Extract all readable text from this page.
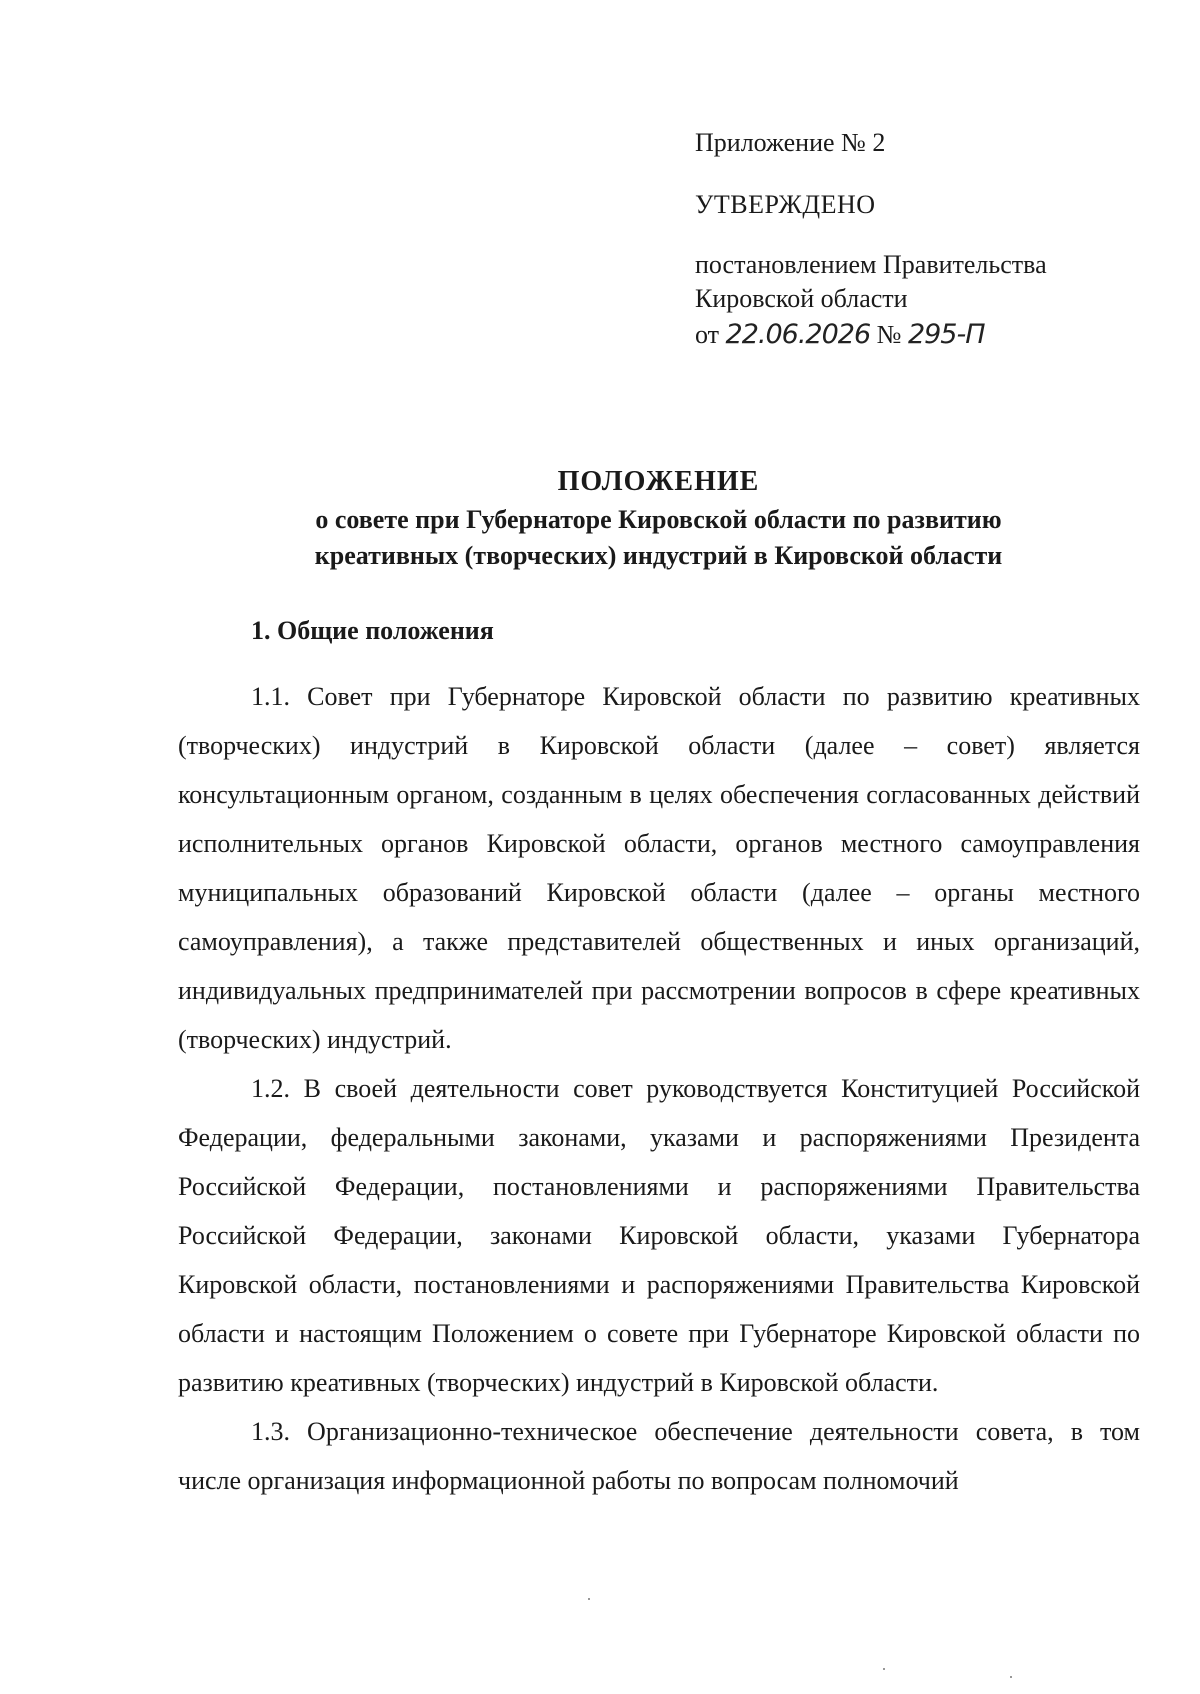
Приложение № 2
УТВЕРЖДЕНО
постановлением Правительства
Кировской области
от 22.06.2026 № 295-П
ПОЛОЖЕНИЕ
о совете при Губернаторе Кировской области по развитию
креативных (творческих) индустрий в Кировской области
1. Общие положения

1.1. Совет при Губернаторе Кировской области по развитию креативных (творческих) индустрий в Кировской области (далее – совет) является консультационным органом, созданным в целях обеспечения согласованных действий исполнительных органов Кировской области, органов местного самоуправления муниципальных образований Кировской области (далее – органы местного самоуправления), а также представителей общественных и иных организаций, индивидуальных предпринимателей при рассмотрении вопросов в сфере креативных (творческих) индустрий.

1.2. В своей деятельности совет руководствуется Конституцией Российской Федерации, федеральными законами, указами и распоряжениями Президента Российской Федерации, постановлениями и распоряжениями Правительства Российской Федерации, законами Кировской области, указами Губернатора Кировской области, постановлениями и распоряжениями Правительства Кировской области и настоящим Положением о совете при Губернаторе Кировской области по развитию креативных (творческих) индустрий в Кировской области.

1.3. Организационно-техническое обеспечение деятельности совета, в том числе организация информационной работы по вопросам полномочий
